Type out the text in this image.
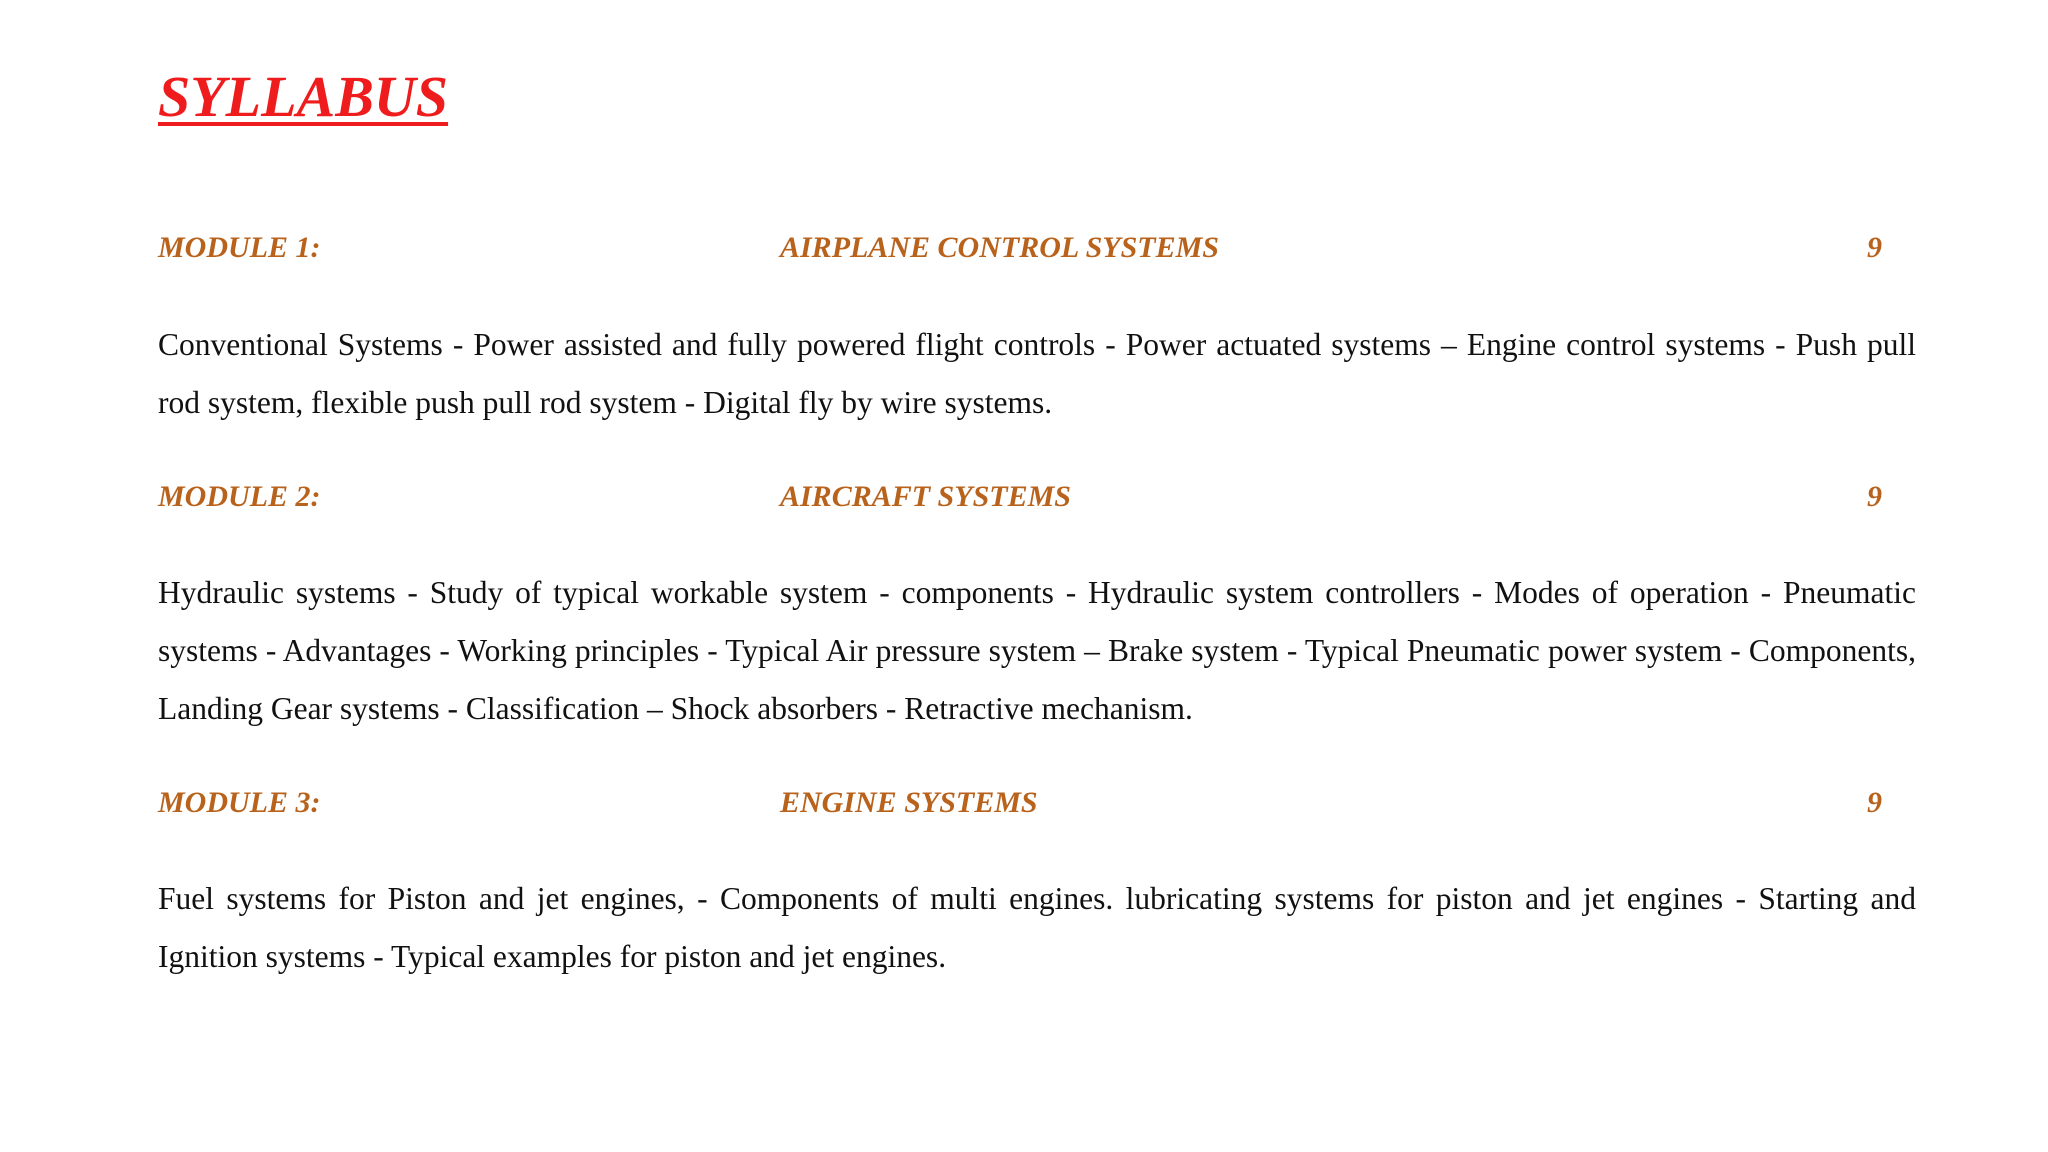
SYLLABUS
MODULE 1:	AIRPLANE CONTROL SYSTEMS	9

Conventional Systems - Power assisted and fully powered flight controls - Power actuated systems – Engine control systems - Push pull rod system, flexible push pull rod system - Digital fly by wire systems.

MODULE 2:	AIRCRAFT SYSTEMS	9

Hydraulic systems - Study of typical workable system - components - Hydraulic system controllers - Modes of operation - Pneumatic systems - Advantages - Working principles - Typical Air pressure system – Brake system - Typical Pneumatic power system - Components, Landing Gear systems - Classification – Shock absorbers - Retractive mechanism.

MODULE 3:	ENGINE SYSTEMS	9

Fuel systems for Piston and jet engines, - Components of multi engines. lubricating systems for piston and jet engines - Starting and Ignition systems - Typical examples for piston and jet engines.
